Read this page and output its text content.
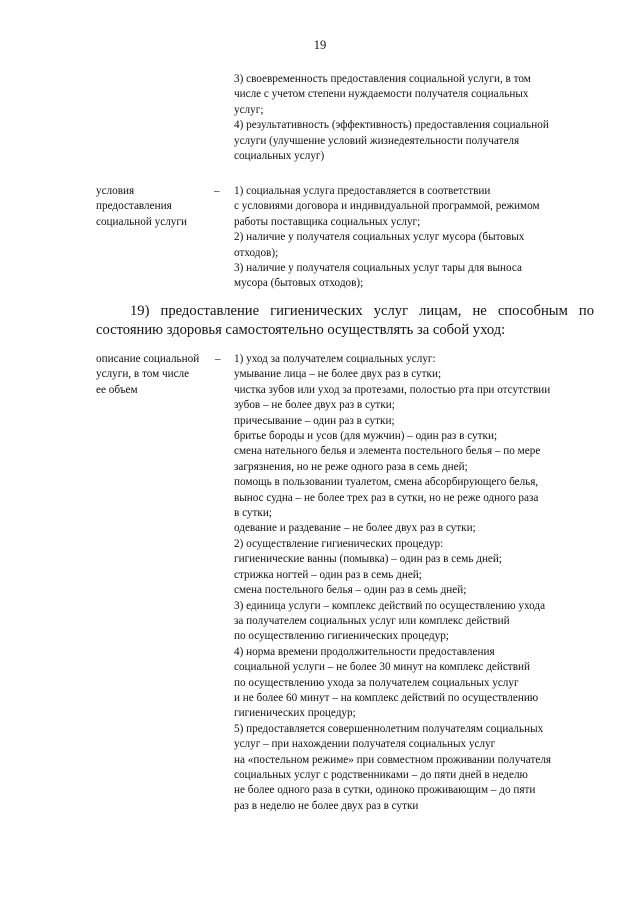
19
3) своевременность предоставления социальной услуги, в том
числе с учетом степени нуждаемости получателя социальных
услуг;
4) результативность (эффективность) предоставления социальной
услуги (улучшение условий жизнедеятельности получателя
социальных услуг)
условия
предоставления
социальной услуги
– 1) социальная услуга предоставляется в соответствии
с условиями договора и индивидуальной программой, режимом
работы поставщика социальных услуг;
2) наличие у получателя социальных услуг мусора (бытовых
отходов);
3) наличие у получателя социальных услуг тары для выноса
мусора (бытовых отходов);
19) предоставление гигиенических услуг лицам, не способным по
состоянию здоровья самостоятельно осуществлять за собой уход:
описание социальной
услуги, в том числе
ее объем
– 1) уход за получателем социальных услуг:
умывание лица – не более двух раз в сутки;
чистка зубов или уход за протезами, полостью рта при отсутствии
зубов – не более двух раз в сутки;
причесывание – один раз в сутки;
бритье бороды и усов (для мужчин) – один раз в сутки;
смена нательного белья и элемента постельного белья – по мере
загрязнения, но не реже одного раза в семь дней;
помощь в пользовании туалетом, смена абсорбирующего белья,
вынос судна – не более трех раз в сутки, но не реже одного раза
в сутки;
одевание и раздевание – не более двух раз в сутки;
2) осуществление гигиенических процедур:
гигиенические ванны (помывка) – один раз в семь дней;
стрижка ногтей – один раз в семь дней;
смена постельного белья – один раз в семь дней;
3) единица услуги – комплекс действий по осуществлению ухода
за получателем социальных услуг или комплекс действий
по осуществлению гигиенических процедур;
4) норма времени продолжительности предоставления
социальной услуги – не более 30 минут на комплекс действий
по осуществлению ухода за получателем социальных услуг
и не более 60 минут – на комплекс действий по осуществлению
гигиенических процедур;
5) предоставляется совершеннолетним получателям социальных
услуг – при нахождении получателя социальных услуг
на «постельном режиме» при совместном проживании получателя
социальных услуг с родственниками – до пяти дней в неделю
не более одного раза в сутки, одиноко проживающим – до пяти
раз в неделю не более двух раз в сутки
